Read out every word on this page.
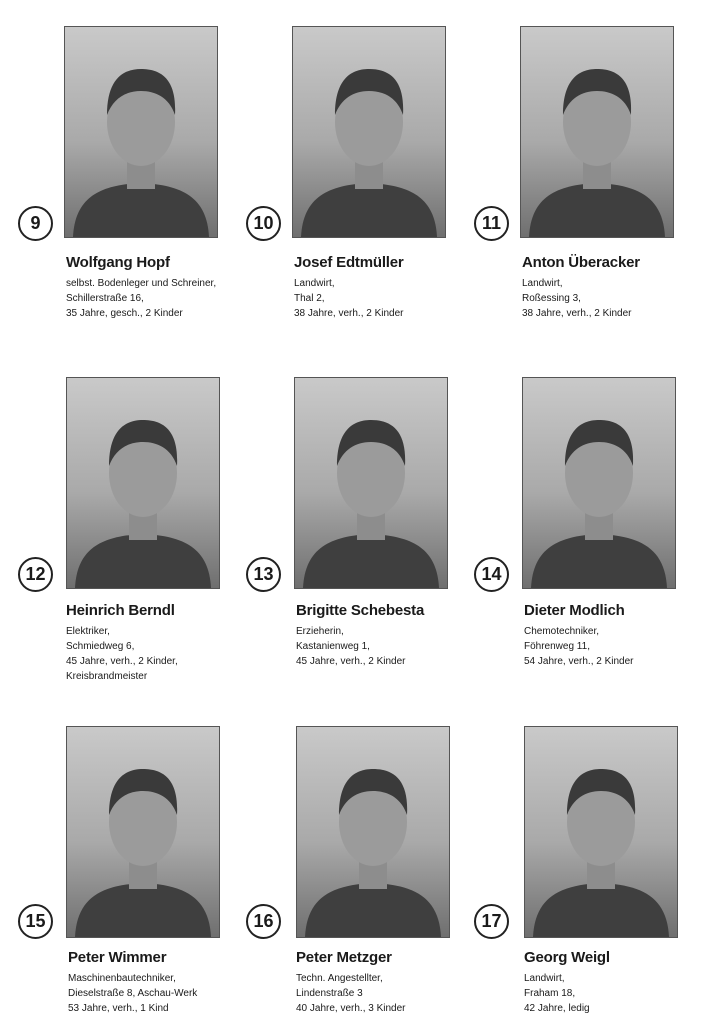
9
Wolfgang Hopf
selbst. Bodenleger und Schreiner,
Schillerstraße 16,
35 Jahre, gesch., 2 Kinder
10
Josef Edtmüller
Landwirt,
Thal 2,
38 Jahre, verh., 2 Kinder
11
Anton Überacker
Landwirt,
Roßessing 3,
38 Jahre, verh., 2 Kinder
12
Heinrich Berndl
Elektriker,
Schmiedweg 6,
45 Jahre, verh., 2 Kinder,
Kreisbrandmeister
13
Brigitte Schebesta
Erzieherin,
Kastanienweg 1,
45 Jahre, verh., 2 Kinder
14
Dieter Modlich
Chemotechniker,
Föhrenweg 11,
54 Jahre, verh., 2 Kinder
15
Peter Wimmer
Maschinenbautechniker,
Dieselstraße 8, Aschau-Werk
53 Jahre, verh., 1 Kind
16
Peter Metzger
Techn. Angestellter,
Lindenstraße 3
40 Jahre, verh., 3 Kinder
17
Georg Weigl
Landwirt,
Fraham 18,
42 Jahre, ledig
